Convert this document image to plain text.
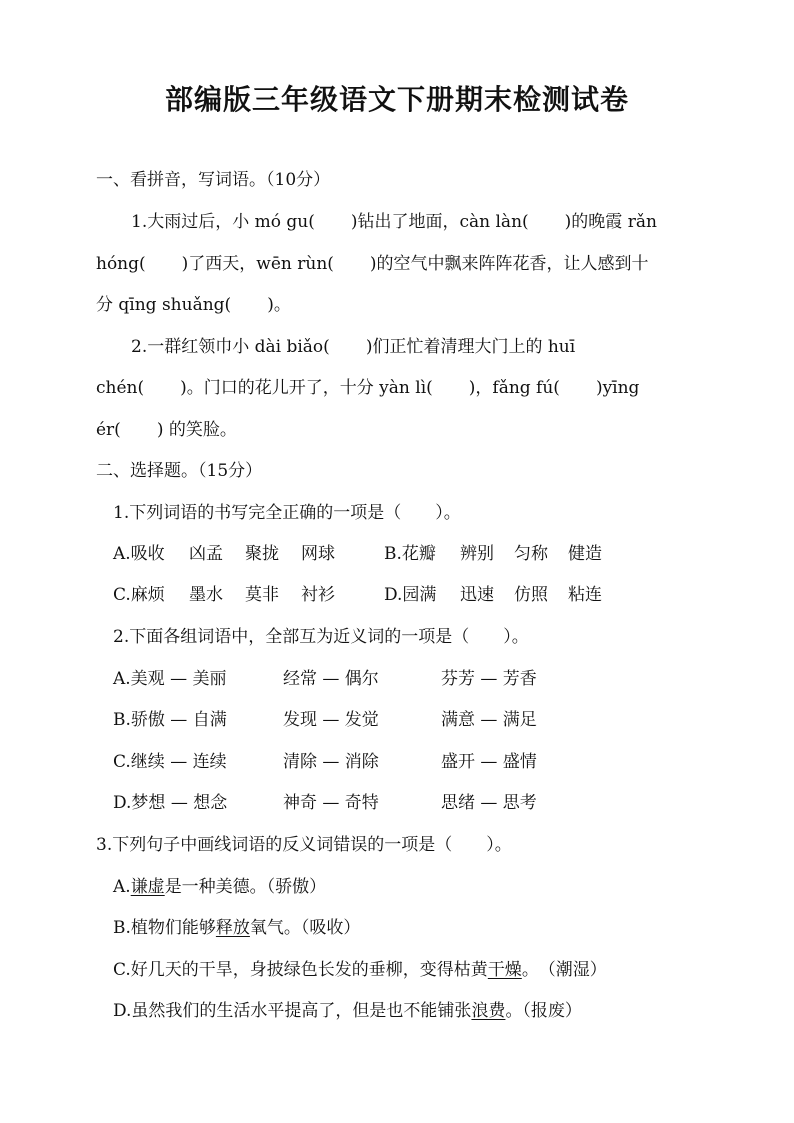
部编版三年级语文下册期末检测试卷
一、看拼音，写词语。（10分）
1.大雨过后，小 mó gu( )钻出了地面，càn làn( )的晚霞 rǎn
hóng( )了西天，wēn rùn( )的空气中飘来阵阵花香，让人感到十
分 qīng shuǎng( )。
2.一群红领巾小 dài biǎo( )们正忙着清理大门上的 huī
chén( )。门口的花儿开了，十分 yàn lì( )，fǎng fú( )yīng
ér( ) 的笑脸。
二、选择题。（15分）
1.下列词语的书写完全正确的一项是（　　）。
A.吸收 凶孟 聚拢 网球	B.花瓣 辨别 匀称 健造
C.麻烦 墨水 莫非 衬衫	D.园满 迅速 仿照 粘连
2.下面各组词语中，全部互为近义词的一项是（　　）。
A.美观 — 美丽	经常 — 偶尔	芬芳 — 芳香
B.骄傲 — 自满	发现 — 发觉	满意 — 满足
C.继续 — 连续	清除 — 消除	盛开 — 盛情
D.梦想 — 想念	神奇 — 奇特	思绪 — 思考
3.下列句子中画线词语的反义词错误的一项是（　　）。
A.谦虚是一种美德。（骄傲）
B.植物们能够释放氧气。（吸收）
C.好几天的干旱，身披绿色长发的垂柳，变得枯黄干燥。　（潮湿）
D.虽然我们的生活水平提高了，但是也不能铺张浪费。（报废）
